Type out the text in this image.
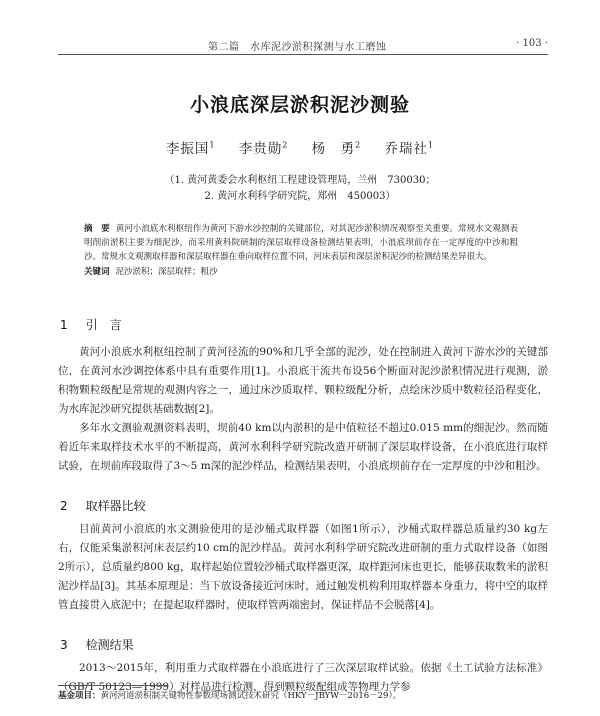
第二篇　水库泥沙淤积探测与水工磨蚀	· 103 ·
小浪底深层淤积泥沙测验
李振国$^1$ 李贵勋$^2$ 杨　勇$^2$ 乔瑞社$^1$
（1. 黄河黄委会水利枢纽工程建设管理局，兰州　730030；
2. 黄河水利科学研究院，郑州　450003）
摘　要 黄河小浪底水利枢纽作为黄河下游水沙控制的关键部位，对其泥沙淤积情况观察至关重要。常规水文观测表明削前淤积主要为细泥沙，而采用黄科院研制的深层取样设备检测结果表明，小浪底坝前存在一定厚度的中沙和粗沙。常规水文观测取样器和深层取样器在垂向取样位置不同，河床表层和深层淤积泥沙的检测结果差异很大。
关键词 泥沙淤积；深层取样；粗沙
1 引　言

黄河小浪底水利枢纽控制了黄河径流的90%和几乎全部的泥沙，处在控制进入黄河下游水沙的关键部位，在黄河水沙调控体系中具有重要作用[1]。小浪底干流共布设56个断面对泥沙淤积情况进行观测，淤积物颗粒级配是常规的观测内容之一，通过床沙质取样、颗粒级配分析，点绘床沙质中数粒径沿程变化，为水库泥沙研究提供基础数据[2]。

多年水文测验观测资料表明，坝前40 km以内淤积的是中值粒径不超过0.015 mm的细泥沙。然而随着近年来取样技术水平的不断提高，黄河水利科学研究院改造开研制了深层取样设备，在小浪底进行取样试验，在坝前库段取得了3～5 m深的泥沙样品，检测结果表明，小浪底坝前存在一定厚度的中沙和粗沙。

2 取样器比较

目前黄河小浪底的水文测验使用的是沙桶式取样器（如图1所示），沙桶式取样器总质量约30 kg左右，仅能采集淤积河床表层约10 cm的泥沙样品。黄河水利科学研究院改进研制的重力式取样设备（如图2所示），总质量约800 kg，取样起始位置较沙桶式取样器更深，取样距河床也更长，能够获取数米的淤积泥沙样品[3]。其基本原理是：当下放设备接近河床时，通过触发机构利用取样器本身重力，将中空的取样管直接贯入底泥中；在提起取样器时，使取样管两端密封，保证样品不会脱落[4]。

3 检测结果

2013～2015年，利用重力式取样器在小浪底进行了三次深层取样试验。依据《土工试验方法标准》（GB/T 50123—1999）对样品进行检测，得到颗粒级配组成等物理力学参

基金项目：黄河河道淤积制关键物性参数现场测试技术研究（HKY－JBYW－2016－29）。
